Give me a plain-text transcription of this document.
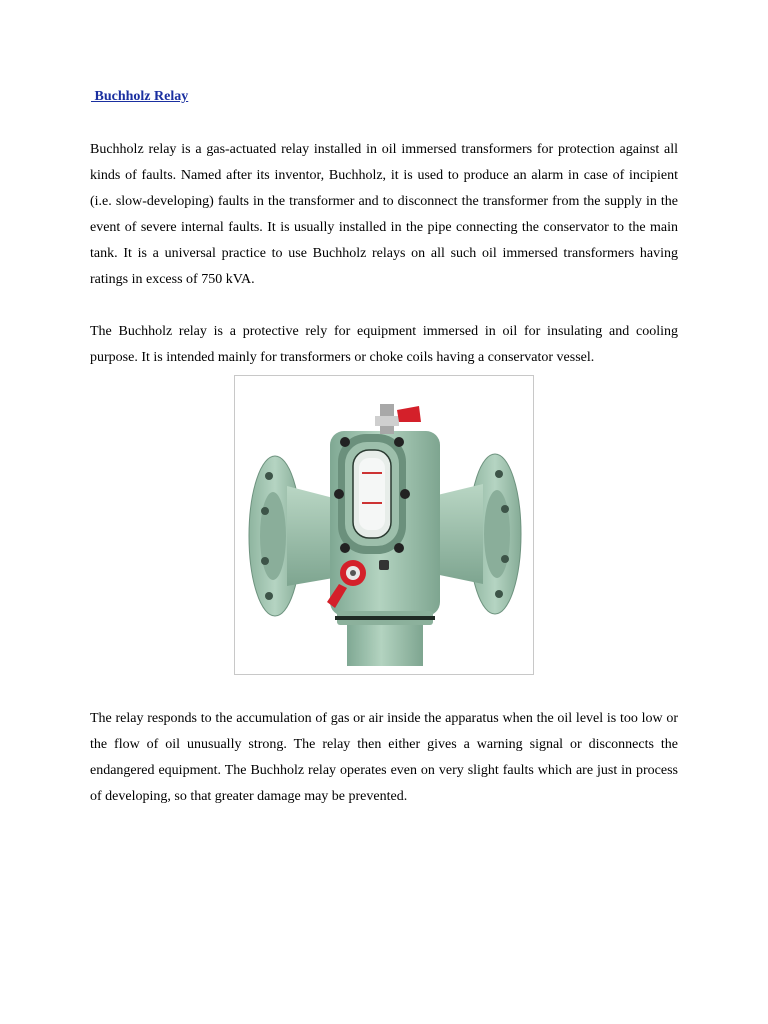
Buchholz Relay

Buchholz relay is a gas-actuated relay installed in oil immersed transformers for protection against all kinds of faults. Named after its inventor, Buchholz, it is used to produce an alarm in case of incipient (i.e. slow-developing) faults in the transformer and to disconnect the transformer from the supply in the event of severe internal faults. It is usually installed in the pipe connecting the conservator to the main tank. It is a universal practice to use Buchholz relays on all such oil immersed transformers having ratings in excess of 750 kVA.

The Buchholz relay is a protective rely for equipment immersed in oil for insulating and cooling purpose. It is intended mainly for transformers or choke coils having a conservator vessel.

The relay responds to the accumulation of gas or air inside the apparatus when the oil level is too low or the flow of oil unusually strong. The relay then either gives a warning signal or disconnects the endangered equipment. The Buchholz relay operates even on very slight faults which are just in process of developing, so that greater damage may be prevented.
